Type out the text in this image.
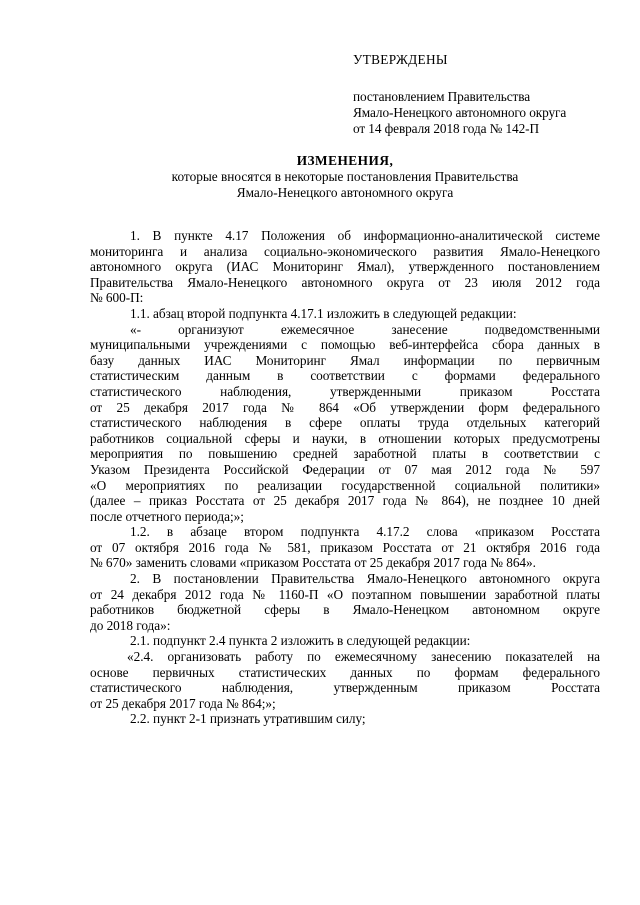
УТВЕРЖДЕНЫ
постановлением Правительства
Ямало-Ненецкого автономного округа
от 14 февраля 2018 года № 142-П
ИЗМЕНЕНИЯ,
которые вносятся в некоторые постановления Правительства
Ямало-Ненецкого автономного округа
1. В пункте 4.17 Положения об информационно-аналитической системе
мониторинга и анализа социально-экономического развития Ямало-Ненецкого
автономного округа (ИАС Мониторинг Ямал), утвержденного постановлением
Правительства Ямало-Ненецкого автономного округа от 23 июля 2012 года
№ 600-П:
1.1. абзац второй подпункта 4.17.1 изложить в следующей редакции:
«- организуют ежемесячное занесение подведомственными
муниципальными учреждениями с помощью веб-интерфейса сбора данных в
базу данных ИАС Мониторинг Ямал информации по первичным
статистическим данным в соответствии с формами федерального
статистического наблюдения, утвержденными приказом Росстата
от 25 декабря 2017 года № 864 «Об утверждении форм федерального
статистического наблюдения в сфере оплаты труда отдельных категорий
работников социальной сферы и науки, в отношении которых предусмотрены
мероприятия по повышению средней заработной платы в соответствии с
Указом Президента Российской Федерации от 07 мая 2012 года № 597
«О мероприятиях по реализации государственной социальной политики»
(далее – приказ Росстата от 25 декабря 2017 года № 864), не позднее 10 дней
после отчетного периода;»;
1.2. в абзаце втором подпункта 4.17.2 слова «приказом Росстата
от 07 октября 2016 года № 581, приказом Росстата от 21 октября 2016 года
№ 670» заменить словами «приказом Росстата от 25 декабря 2017 года № 864».
2. В постановлении Правительства Ямало-Ненецкого автономного округа
от 24 декабря 2012 года № 1160-П «О поэтапном повышении заработной платы
работников бюджетной сферы в Ямало-Ненецком автономном округе
до 2018 года»:
2.1. подпункт 2.4 пункта 2 изложить в следующей редакции:
«2.4. организовать работу по ежемесячному занесению показателей на
основе первичных статистических данных по формам федерального
статистического наблюдения, утвержденным приказом Росстата
от 25 декабря 2017 года № 864;»;
2.2. пункт 2-1 признать утратившим силу;
